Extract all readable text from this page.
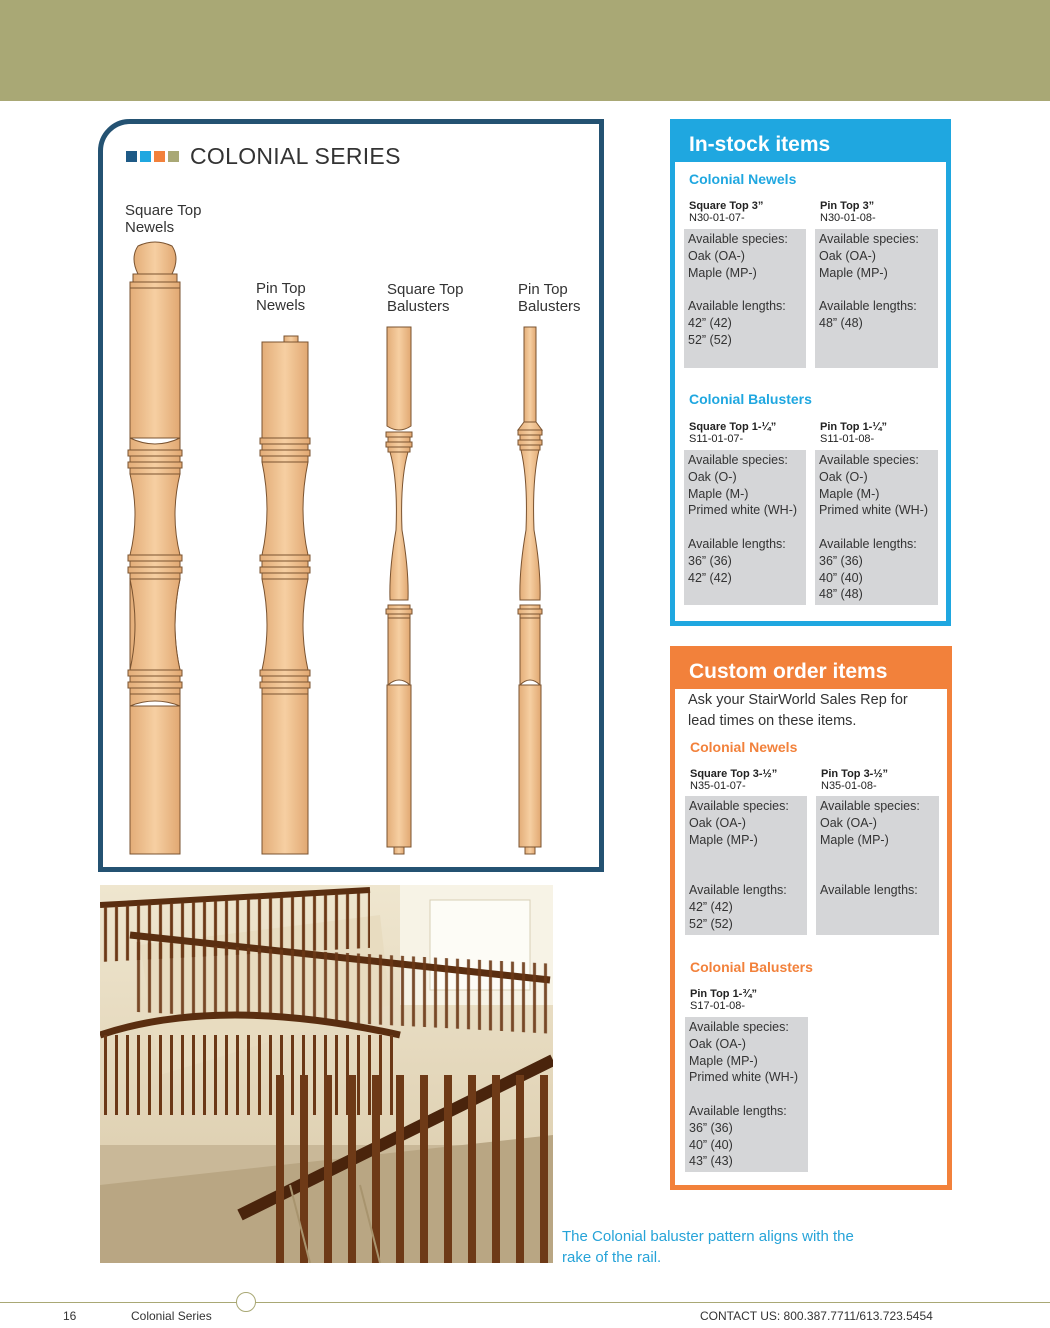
COLONIAL SERIES
Square Top
Newels
Pin Top
Newels
Square Top
Balusters
Pin Top
Balusters
The Colonial baluster pattern aligns with the rake of the rail.
In-stock items
Colonial Newels
Square Top 3”
N30-01-07-
Pin Top 3”
N30-01-08-
Available species:
Oak (OA-)
Maple (MP-)
Available lengths:
42” (42)
52” (52)
Available species:
Oak (OA-)
Maple (MP-)
Available lengths:
48” (48)
Colonial Balusters
Square Top 1-¼”
S11-01-07-
Pin Top 1-¼”
S11-01-08-
Available species:
Oak (O-)
Maple (M-)
Primed white (WH-)
Available lengths:
36” (36)
42” (42)
Available species:
Oak (O-)
Maple (M-)
Primed white (WH-)
Available lengths:
36” (36)
40” (40)
48” (48)
Custom order items
Ask your StairWorld Sales Rep for lead times on these items.
Colonial Newels
Square Top 3-½”
N35-01-07-
Pin Top 3-½”
N35-01-08-
Available species:
Oak (OA-)
Maple (MP-)
Available lengths:
42” (42)
52” (52)
Available species:
Oak (OA-)
Maple (MP-)
Available lengths:
Colonial Balusters
Pin Top 1-¾”
S17-01-08-
Available species:
Oak (OA-)
Maple (MP-)
Primed white (WH-)
Available lengths:
36” (36)
40” (40)
43” (43)
16	Colonial Series	CONTACT US: 800.387.7711/613.723.5454
